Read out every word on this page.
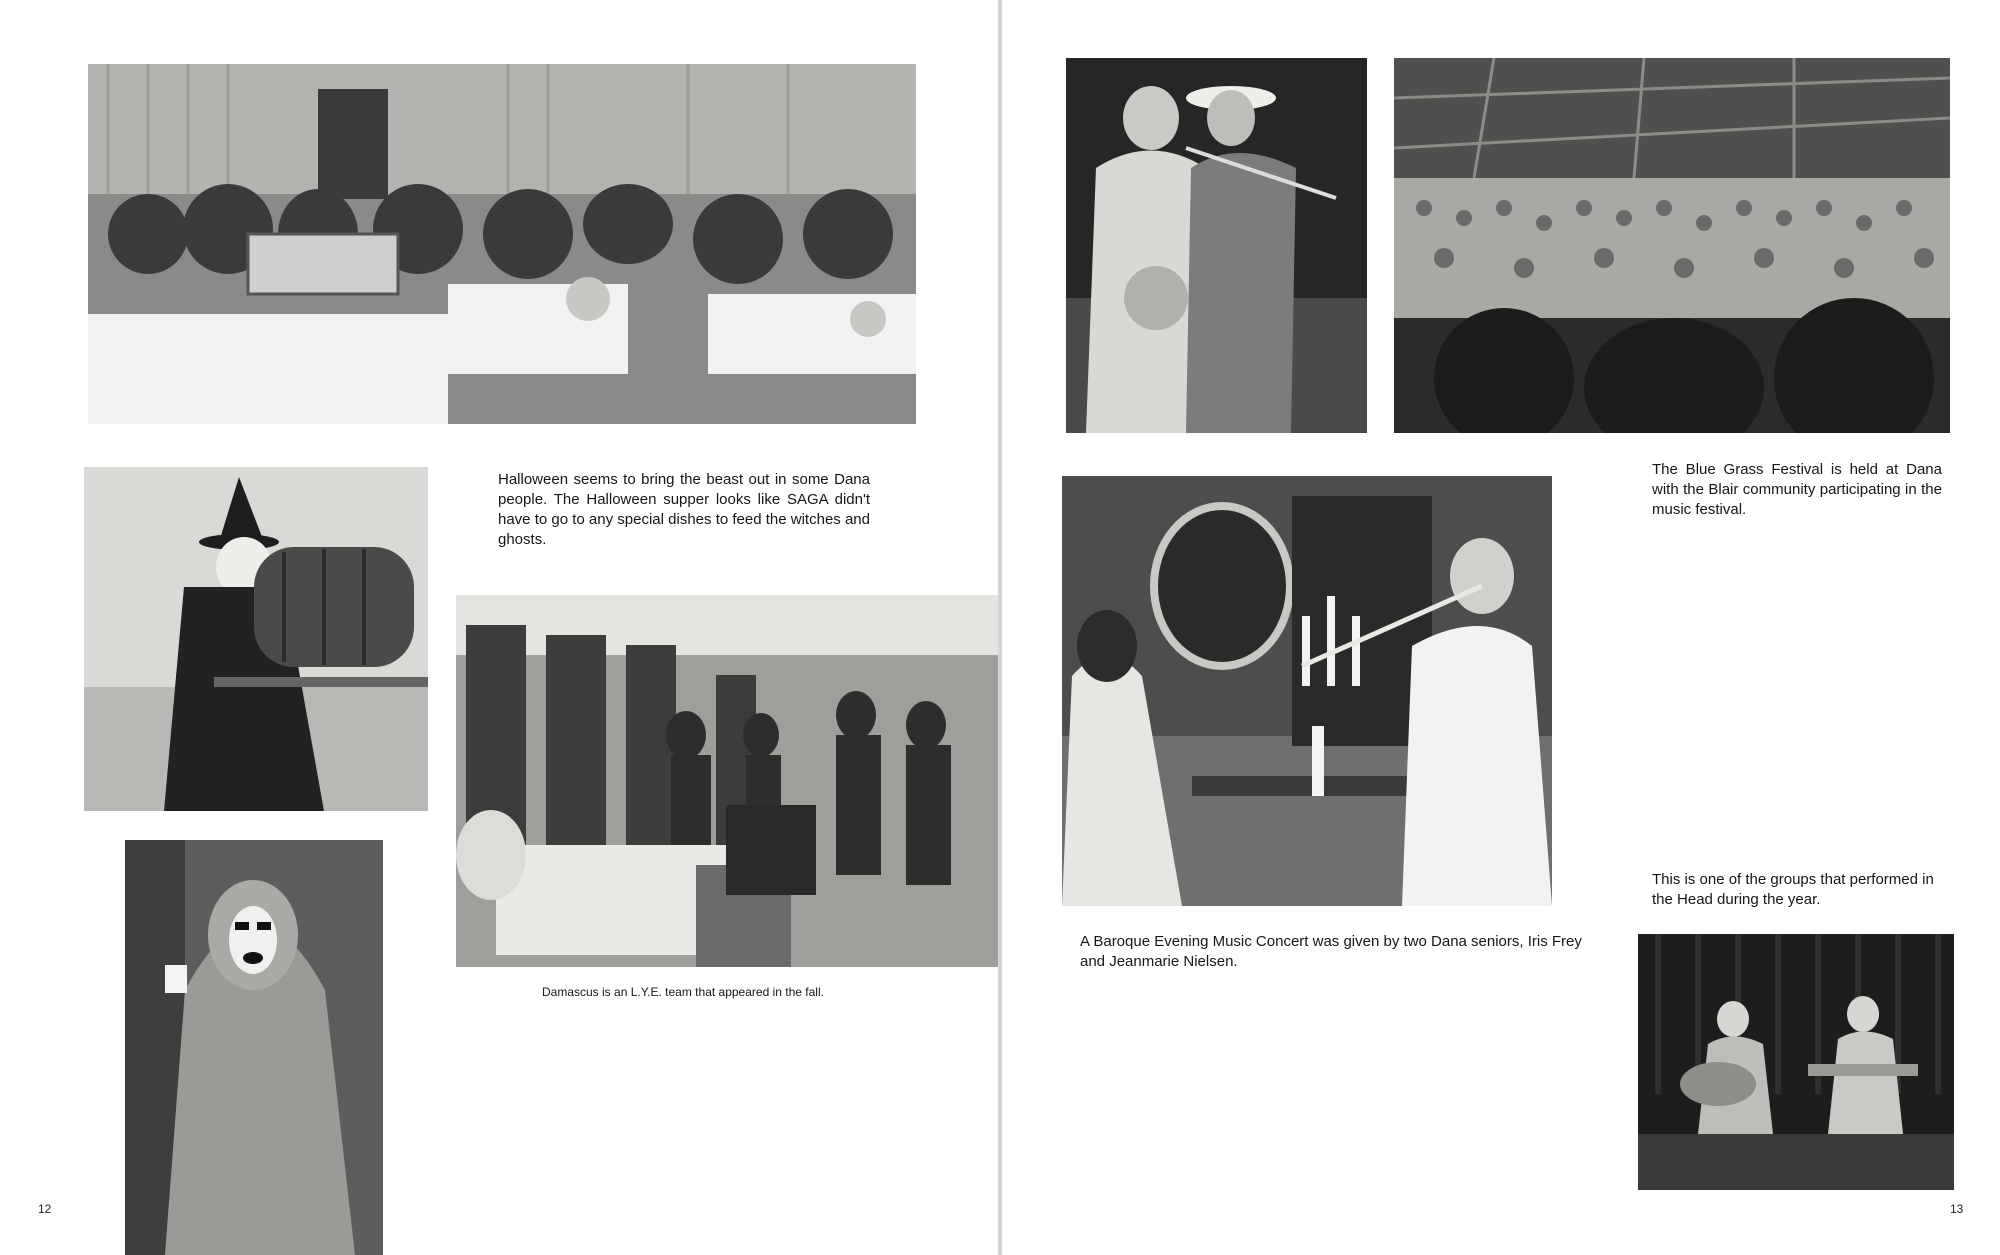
Halloween seems to bring the beast out in some Dana people. The Halloween supper looks like SAGA didn't have to go to any special dishes to feed the witches and ghosts.

Damascus is an L.Y.E. team that appeared in the fall.

12

The Blue Grass Festival is held at Dana with the Blair community participating in the music festival.

A Baroque Evening Music Concert was given by two Dana seniors, Iris Frey and Jeanmarie Nielsen.

This is one of the groups that performed in the Head during the year.

13
